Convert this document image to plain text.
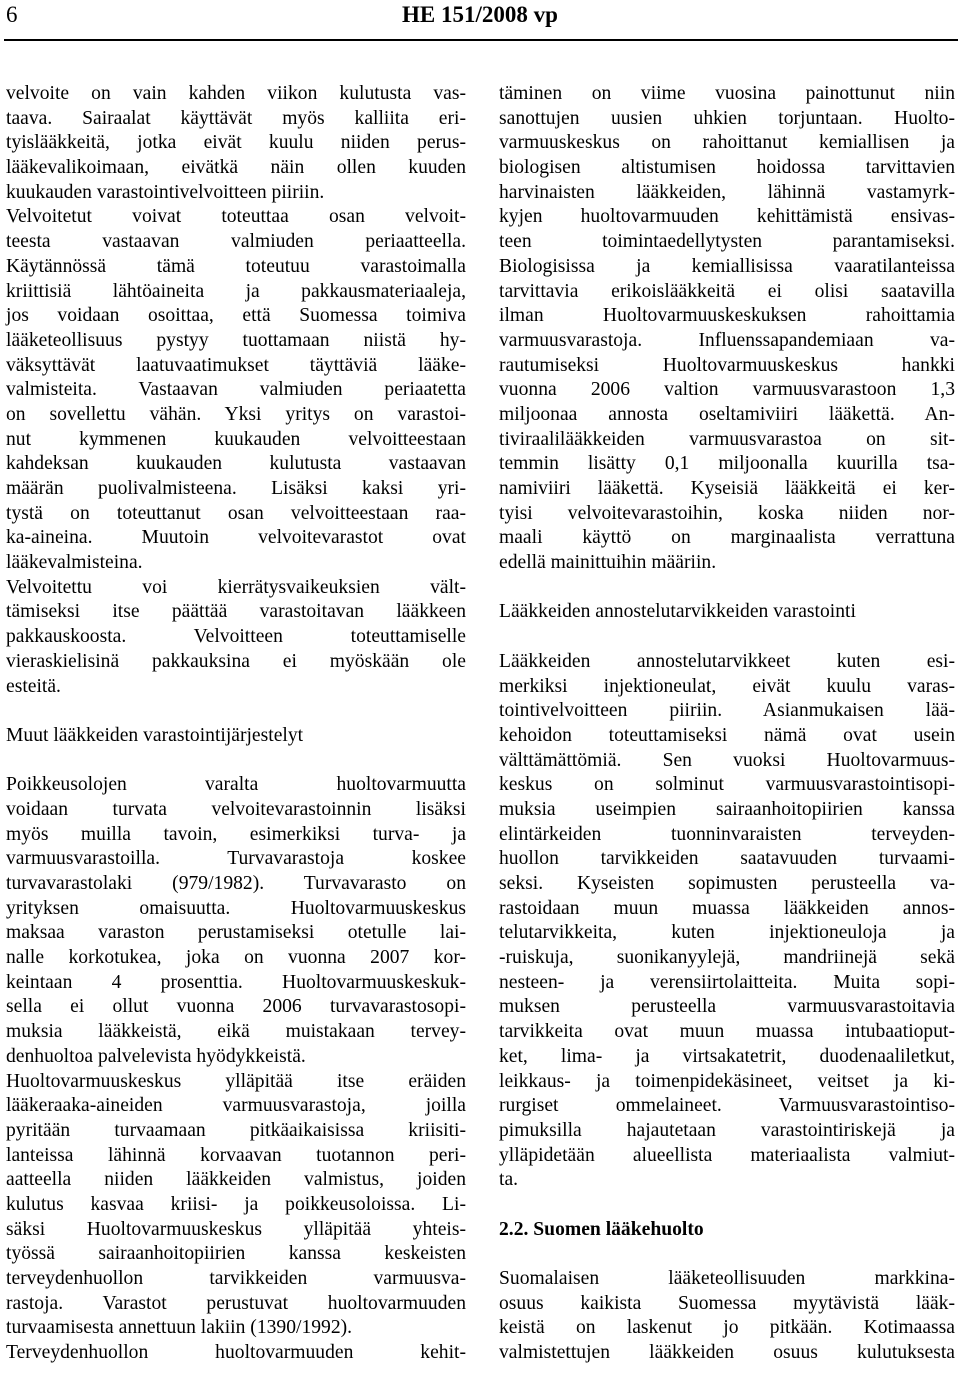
6	HE 151/2008 vp
velvoite on vain kahden viikon kulutusta vas-
taava. Sairaalat käyttävät myös kalliita eri-
tyislääkkeitä, jotka eivät kuulu niiden perus-
lääkevalikoimaan, eivätkä näin ollen kuuden
kuukauden varastointivelvoitteen piiriin.
Velvoitetut voivat toteuttaa osan velvoit-
teesta vastaavan valmiuden periaatteella.
Käytännössä tämä toteutuu varastoimalla
kriittisiä lähtöaineita ja pakkausmateriaaleja,
jos voidaan osoittaa, että Suomessa toimiva
lääketeollisuus pystyy tuottamaan niistä hy-
väksyttävät laatuvaatimukset täyttäviä lääke-
valmisteita. Vastaavan valmiuden periaatetta
on sovellettu vähän. Yksi yritys on varastoi-
nut kymmenen kuukauden velvoitteestaan
kahdeksan kuukauden kulutusta vastaavan
määrän puolivalmisteena. Lisäksi kaksi yri-
tystä on toteuttanut osan velvoitteestaan raa-
ka-aineina. Muutoin velvoitevarastot ovat
lääkevalmisteina.
Velvoitettu voi kierrätysvaikeuksien vält-
tämiseksi itse päättää varastoitavan lääkkeen
pakkauskoosta. Velvoitteen toteuttamiselle
vieraskielisinä pakkauksina ei myöskään ole
esteitä.
Muut lääkkeiden varastointijärjestelyt
Poikkeusolojen varalta huoltovarmuutta
voidaan turvata velvoitevarastoinnin lisäksi
myös muilla tavoin, esimerkiksi turva- ja
varmuusvarastoilla. Turvavarastoja koskee
turvavarastolaki (979/1982). Turvavarasto on
yrityksen omaisuutta. Huoltovarmuuskeskus
maksaa varaston perustamiseksi otetulle lai-
nalle korkotukea, joka on vuonna 2007 kor-
keintaan 4 prosenttia. Huoltovarmuuskeskuk-
sella ei ollut vuonna 2006 turvavarastosopi-
muksia lääkkeistä, eikä muistakaan tervey-
denhuoltoa palvelevista hyödykkeistä.
Huoltovarmuuskeskus ylläpitää itse eräiden
lääkeraaka-aineiden varmuusvarastoja, joilla
pyritään turvaamaan pitkäaikaisissa kriisiti-
lanteissa lähinnä korvaavan tuotannon peri-
aatteella niiden lääkkeiden valmistus, joiden
kulutus kasvaa kriisi- ja poikkeusoloissa. Li-
säksi Huoltovarmuuskeskus ylläpitää yhteis-
työssä sairaanhoitopiirien kanssa keskeisten
terveydenhuollon tarvikkeiden varmuusva-
rastoja. Varastot perustuvat huoltovarmuuden
turvaamisesta annettuun lakiin (1390/1992).
Terveydenhuollon huoltovarmuuden kehit-
täminen on viime vuosina painottunut niin
sanottujen uusien uhkien torjuntaan. Huolto-
varmuuskeskus on rahoittanut kemiallisen ja
biologisen altistumisen hoidossa tarvittavien
harvinaisten lääkkeiden, lähinnä vastamyrk-
kyjen huoltovarmuuden kehittämistä ensivas-
teen toimintaedellytysten parantamiseksi.
Biologisissa ja kemiallisissa vaaratilanteissa
tarvittavia erikoislääkkeitä ei olisi saatavilla
ilman Huoltovarmuuskeskuksen rahoittamia
varmuusvarastoja. Influenssapandemiaan va-
rautumiseksi Huoltovarmuuskeskus hankki
vuonna 2006 valtion varmuusvarastoon 1,3
miljoonaa annosta oseltamiviiri lääkettä. An-
tiviraalilääkkeiden varmuusvarastoa on sit-
temmin lisätty 0,1 miljoonalla kuurilla tsa-
namiviiri lääkettä. Kyseisiä lääkkeitä ei ker-
tyisi velvoitevarastoihin, koska niiden nor-
maali käyttö on marginaalista verrattuna
edellä mainittuihin määriin.
Lääkkeiden annostelutarvikkeiden varastointi
Lääkkeiden annostelutarvikkeet kuten esi-
merkiksi injektioneulat, eivät kuulu varas-
tointivelvoitteen piiriin. Asianmukaisen lää-
kehoidon toteuttamiseksi nämä ovat usein
välttämättömiä. Sen vuoksi Huoltovarmuus-
keskus on solminut varmuusvarastointisopi-
muksia useimpien sairaanhoitopiirien kanssa
elintärkeiden tuonninvaraisten terveyden-
huollon tarvikkeiden saatavuuden turvaami-
seksi. Kyseisten sopimusten perusteella va-
rastoidaan muun muassa lääkkeiden annos-
telutarvikkeita, kuten injektioneuloja ja
-ruiskuja, suonikanyylejä, mandriinejä sekä
nesteen- ja verensiirtolaitteita. Muita sopi-
muksen perusteella varmuusvarastoitavia
tarvikkeita ovat muun muassa intubaatioput-
ket, lima- ja virtsakatetrit, duodenaaliletkut,
leikkaus- ja toimenpidekäsineet, veitset ja ki-
rurgiset ommelaineet. Varmuusvarastointiso-
pimuksilla hajautetaan varastointiriskejä ja
ylläpidetään alueellista materiaalista valmiut-
ta.
2.2. Suomen lääkehuolto
Suomalaisen lääketeollisuuden markkina-
osuus kaikista Suomessa myytävistä lääk-
keistä on laskenut jo pitkään. Kotimaassa
valmistettujen lääkkeiden osuus kulutuksesta
